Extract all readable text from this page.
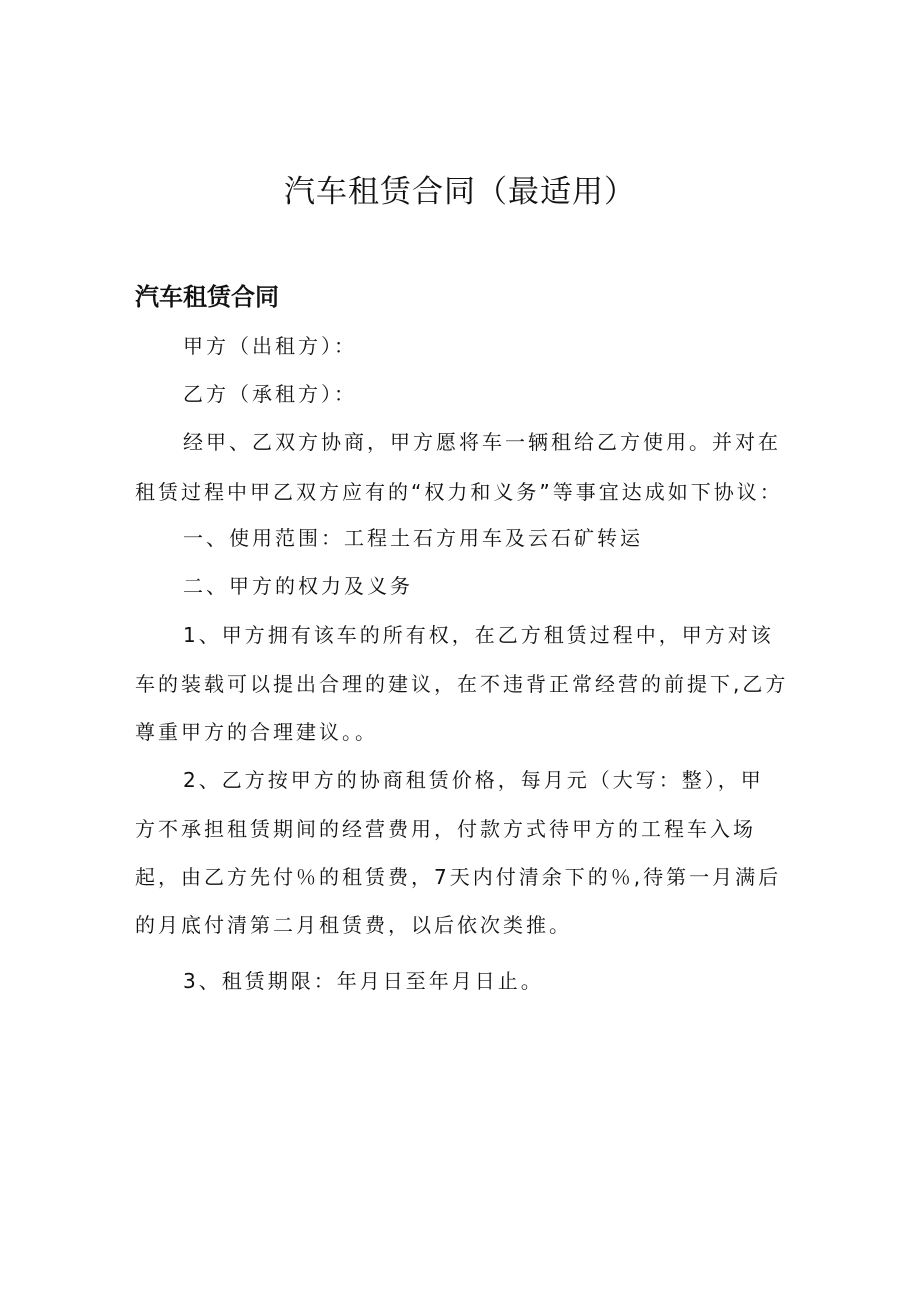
汽车租赁合同（最适用）
汽车租赁合同

甲方（出租方）：

乙方（承租方）：

经甲、乙双方协商，甲方愿将车一辆租给乙方使用。并对在

租赁过程中甲乙双方应有的“权力和义务”等事宜达成如下协议：

一、使用范围：工程土石方用车及云石矿转运

二、甲方的权力及义务

1、甲方拥有该车的所有权，在乙方租赁过程中，甲方对该

车的装载可以提出合理的建议，在不违背正常经营的前提下,乙方

尊重甲方的合理建议。。

2、乙方按甲方的协商租赁价格，每月元（大写：整），甲

方不承担租赁期间的经营费用，付款方式待甲方的工程车入场

起，由乙方先付％的租赁费，7天内付清余下的％,待第一月满后

的月底付清第二月租赁费，以后依次类推。

3、租赁期限：年月日至年月日止。
